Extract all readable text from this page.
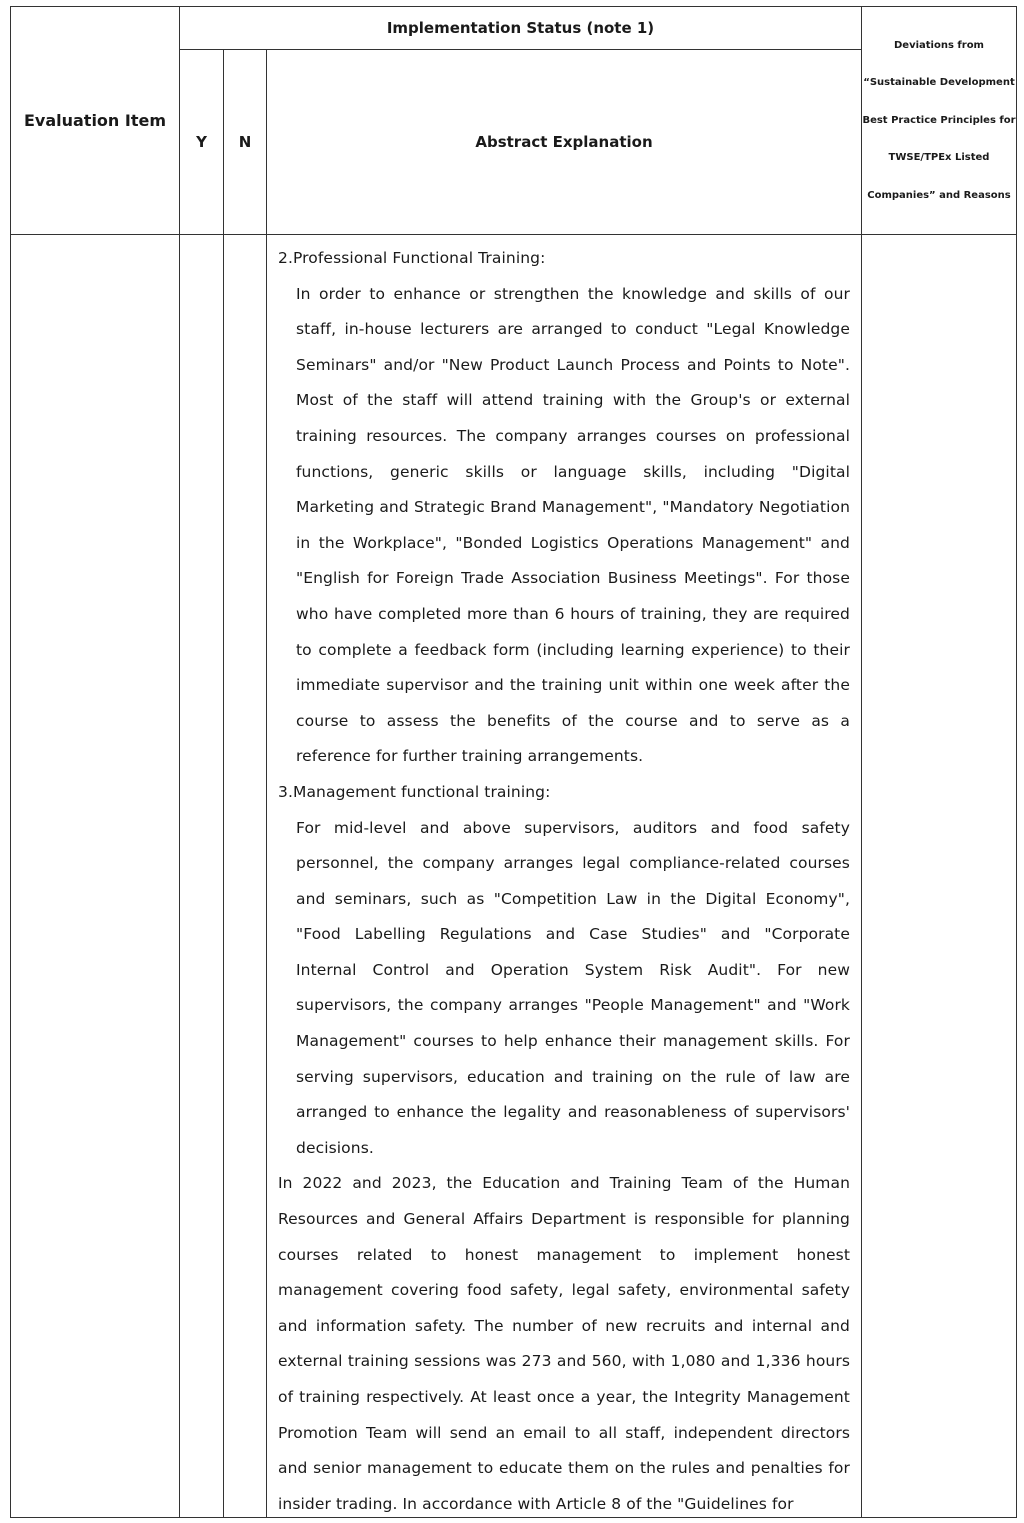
Evaluation Item	Implementation Status (note 1)			Deviations from “Sustainable Development Best Practice Principles for TWSE/TPEx Listed Companies” and Reasons
	Y	N	Abstract Explanation	

			2.Professional Functional Training:

In order to enhance or strengthen the knowledge and skills of our staff, in-house lecturers are arranged to conduct "Legal Knowledge Seminars" and/or "New Product Launch Process and Points to Note". Most of the staff will attend training with the Group's or external training resources. The company arranges courses on professional functions, generic skills or language skills, including "Digital Marketing and Strategic Brand Management", "Mandatory Negotiation in the Workplace", "Bonded Logistics Operations Management" and "English for Foreign Trade Association Business Meetings". For those who have completed more than 6 hours of training, they are required to complete a feedback form (including learning experience) to their immediate supervisor and the training unit within one week after the course to assess the benefits of the course and to serve as a reference for further training arrangements.

3.Management functional training:

For mid-level and above supervisors, auditors and food safety personnel, the company arranges legal compliance-related courses and seminars, such as "Competition Law in the Digital Economy", "Food Labelling Regulations and Case Studies" and "Corporate Internal Control and Operation System Risk Audit". For new supervisors, the company arranges "People Management" and "Work Management" courses to help enhance their management skills. For serving supervisors, education and training on the rule of law are arranged to enhance the legality and reasonableness of supervisors' decisions.

In 2022 and 2023, the Education and Training Team of the Human Resources and General Affairs Department is responsible for planning courses related to honest management to implement honest management covering food safety, legal safety, environmental safety and information safety. The number of new recruits and internal and external training sessions was 273 and 560, with 1,080 and 1,336 hours of training respectively. At least once a year, the Integrity Management Promotion Team will send an email to all staff, independent directors and senior management to educate them on the rules and penalties for insider trading. In accordance with Article 8 of the "Guidelines for	
